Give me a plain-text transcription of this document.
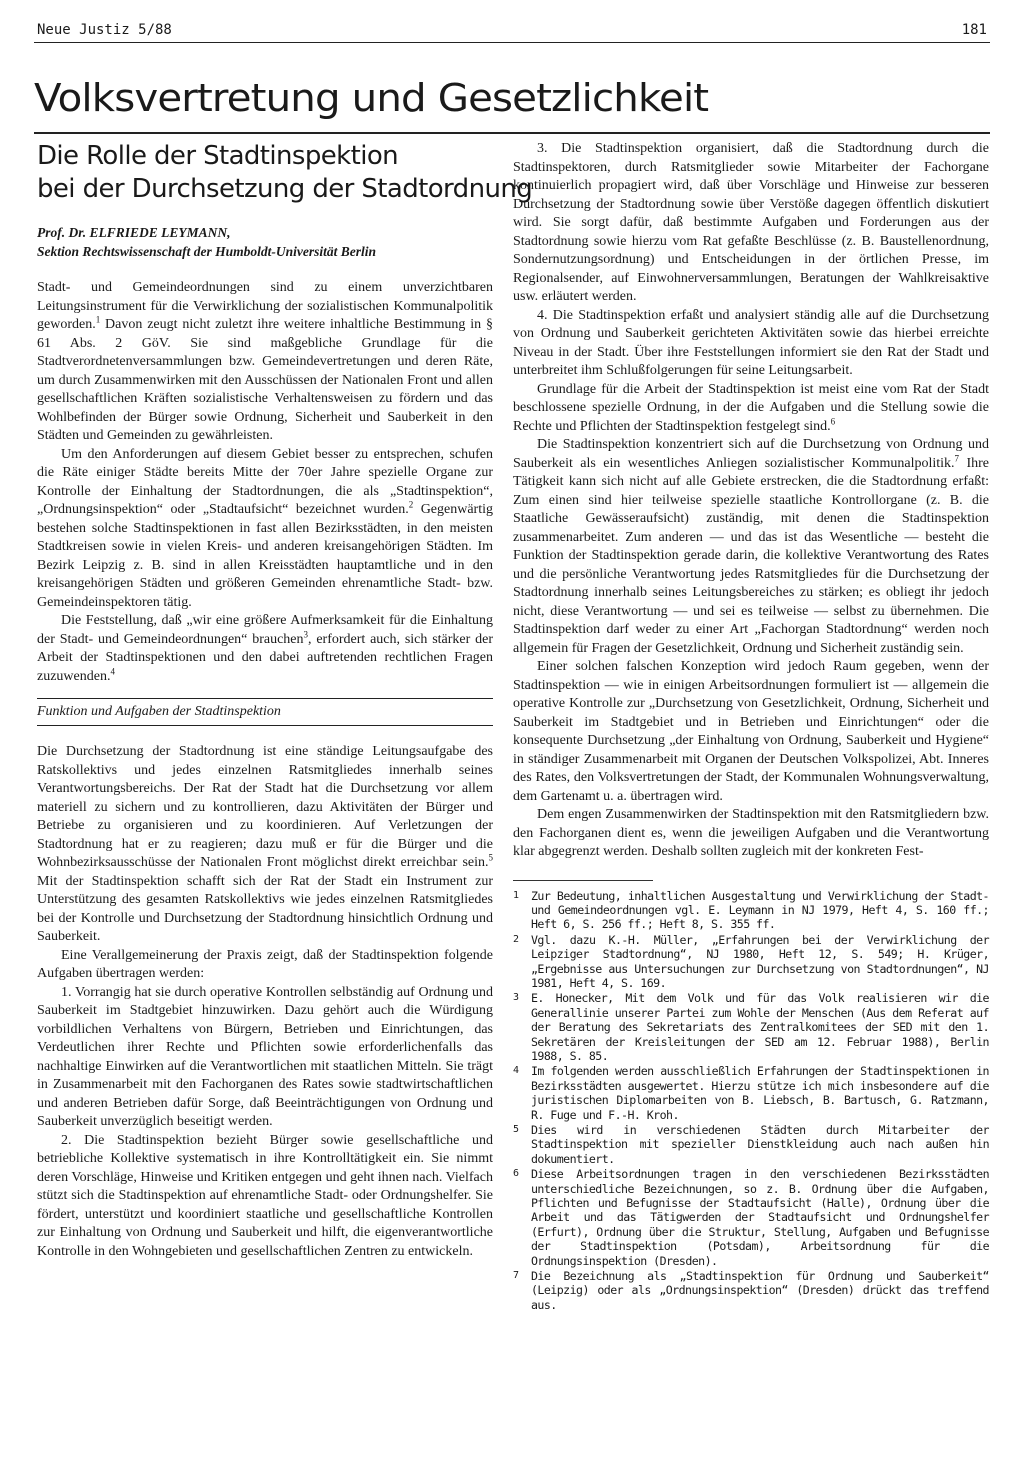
Neue Justiz 5/88	181
Volksvertretung und Gesetzlichkeit
Die Rolle der Stadtinspektion
bei der Durchsetzung der Stadtordnung
Prof. Dr. ELFRIEDE LEYMANN,
Sektion Rechtswissenschaft der Humboldt-Universität Berlin

Stadt- und Gemeindeordnungen sind zu einem unverzichtbaren Leitungsinstrument für die Verwirklichung der sozialistischen Kommunalpolitik geworden.$^1$ Davon zeugt nicht zuletzt ihre weitere inhaltliche Bestimmung in § 61 Abs. 2 GöV. Sie sind maßgebliche Grundlage für die Stadtverordnetenversammlungen bzw. Gemeindevertretungen und deren Räte, um durch Zusammenwirken mit den Ausschüssen der Nationalen Front und allen gesellschaftlichen Kräften sozialistische Verhaltensweisen zu fördern und das Wohlbefinden der Bürger sowie Ordnung, Sicherheit und Sauberkeit in den Städten und Gemeinden zu gewährleisten.

Um den Anforderungen auf diesem Gebiet besser zu entsprechen, schufen die Räte einiger Städte bereits Mitte der 70er Jahre spezielle Organe zur Kontrolle der Einhaltung der Stadtordnungen, die als „Stadtinspektion“, „Ordnungsinspektion“ oder „Stadtaufsicht“ bezeichnet wurden.$^2$ Gegenwärtig bestehen solche Stadtinspektionen in fast allen Bezirksstädten, in den meisten Stadtkreisen sowie in vielen Kreis- und anderen kreisangehörigen Städten. Im Bezirk Leipzig z. B. sind in allen Kreisstädten hauptamtliche und in den kreisangehörigen Städten und größeren Gemeinden ehrenamtliche Stadt- bzw. Gemeindeinspektoren tätig.

Die Feststellung, daß „wir eine größere Aufmerksamkeit für die Einhaltung der Stadt- und Gemeindeordnungen“ brauchen$^3$, erfordert auch, sich stärker der Arbeit der Stadtinspektionen und den dabei auftretenden rechtlichen Fragen zuzuwenden.$^4$

Funktion und Aufgaben der Stadtinspektion

Die Durchsetzung der Stadtordnung ist eine ständige Leitungsaufgabe des Ratskollektivs und jedes einzelnen Ratsmitgliedes innerhalb seines Verantwortungsbereichs. Der Rat der Stadt hat die Durchsetzung vor allem materiell zu sichern und zu kontrollieren, dazu Aktivitäten der Bürger und Betriebe zu organisieren und zu koordinieren. Auf Verletzungen der Stadtordnung hat er zu reagieren; dazu muß er für die Bürger und die Wohnbezirksausschüsse der Nationalen Front möglichst direkt erreichbar sein.$^5$ Mit der Stadtinspektion schafft sich der Rat der Stadt ein Instrument zur Unterstützung des gesamten Ratskollektivs wie jedes einzelnen Ratsmitgliedes bei der Kontrolle und Durchsetzung der Stadtordnung hinsichtlich Ordnung und Sauberkeit.

Eine Verallgemeinerung der Praxis zeigt, daß der Stadtinspektion folgende Aufgaben übertragen werden:

1. Vorrangig hat sie durch operative Kontrollen selbständig auf Ordnung und Sauberkeit im Stadtgebiet hinzuwirken. Dazu gehört auch die Würdigung vorbildlichen Verhaltens von Bürgern, Betrieben und Einrichtungen, das Verdeutlichen ihrer Rechte und Pflichten sowie erforderlichenfalls das nachhaltige Einwirken auf die Verantwortlichen mit staatlichen Mitteln. Sie trägt in Zusammenarbeit mit den Fachorganen des Rates sowie stadtwirtschaftlichen und anderen Betrieben dafür Sorge, daß Beeinträchtigungen von Ordnung und Sauberkeit unverzüglich beseitigt werden.

2. Die Stadtinspektion bezieht Bürger sowie gesellschaftliche und betriebliche Kollektive systematisch in ihre Kontrolltätigkeit ein. Sie nimmt deren Vorschläge, Hinweise und Kritiken entgegen und geht ihnen nach. Vielfach stützt sich die Stadtinspektion auf ehrenamtliche Stadt- oder Ordnungshelfer. Sie fördert, unterstützt und koordiniert staatliche und gesellschaftliche Kontrollen zur Einhaltung von Ordnung und Sauberkeit und hilft, die eigenverantwortliche Kontrolle in den Wohngebieten und gesellschaftlichen Zentren zu entwickeln.

3. Die Stadtinspektion organisiert, daß die Stadtordnung durch die Stadtinspektoren, durch Ratsmitglieder sowie Mitarbeiter der Fachorgane kontinuierlich propagiert wird, daß über Vorschläge und Hinweise zur besseren Durchsetzung der Stadtordnung sowie über Verstöße dagegen öffentlich diskutiert wird. Sie sorgt dafür, daß bestimmte Aufgaben und Forderungen aus der Stadtordnung sowie hierzu vom Rat gefaßte Beschlüsse (z. B. Baustellenordnung, Sondernutzungsordnung) und Entscheidungen in der örtlichen Presse, im Regionalsender, auf Einwohnerversammlungen, Beratungen der Wahlkreisaktive usw. erläutert werden.

4. Die Stadtinspektion erfaßt und analysiert ständig alle auf die Durchsetzung von Ordnung und Sauberkeit gerichteten Aktivitäten sowie das hierbei erreichte Niveau in der Stadt. Über ihre Feststellungen informiert sie den Rat der Stadt und unterbreitet ihm Schlußfolgerungen für seine Leitungsarbeit.

Grundlage für die Arbeit der Stadtinspektion ist meist eine vom Rat der Stadt beschlossene spezielle Ordnung, in der die Aufgaben und die Stellung sowie die Rechte und Pflichten der Stadtinspektion festgelegt sind.$^6$

Die Stadtinspektion konzentriert sich auf die Durchsetzung von Ordnung und Sauberkeit als ein wesentliches Anliegen sozialistischer Kommunalpolitik.$^7$ Ihre Tätigkeit kann sich nicht auf alle Gebiete erstrecken, die die Stadtordnung erfaßt: Zum einen sind hier teilweise spezielle staatliche Kontrollorgane (z. B. die Staatliche Gewässeraufsicht) zuständig, mit denen die Stadtinspektion zusammenarbeitet. Zum anderen — und das ist das Wesentliche — besteht die Funktion der Stadtinspektion gerade darin, die kollektive Verantwortung des Rates und die persönliche Verantwortung jedes Ratsmitgliedes für die Durchsetzung der Stadtordnung innerhalb seines Leitungsbereiches zu stärken; es obliegt ihr jedoch nicht, diese Verantwortung — und sei es teilweise — selbst zu übernehmen. Die Stadtinspektion darf weder zu einer Art „Fachorgan Stadtordnung“ werden noch allgemein für Fragen der Gesetzlichkeit, Ordnung und Sicherheit zuständig sein.

Einer solchen falschen Konzeption wird jedoch Raum gegeben, wenn der Stadtinspektion — wie in einigen Arbeitsordnungen formuliert ist — allgemein die operative Kontrolle zur „Durchsetzung von Gesetzlichkeit, Ordnung, Sicherheit und Sauberkeit im Stadtgebiet und in Betrieben und Einrichtungen“ oder die konsequente Durchsetzung „der Einhaltung von Ordnung, Sauberkeit und Hygiene“ in ständiger Zusammenarbeit mit Organen der Deutschen Volkspolizei, Abt. Inneres des Rates, den Volksvertretungen der Stadt, der Kommunalen Wohnungsverwaltung, dem Gartenamt u. a. übertragen wird.

Dem engen Zusammenwirken der Stadtinspektion mit den Ratsmitgliedern bzw. den Fachorganen dient es, wenn die jeweiligen Aufgaben und die Verantwortung klar abgegrenzt werden. Deshalb sollten zugleich mit der konkreten Fest-

1	Zur Bedeutung, inhaltlichen Ausgestaltung und Verwirklichung der Stadt- und Gemeindeordnungen vgl. E. Leymann in NJ 1979, Heft 4, S. 160 ff.; Heft 6, S. 256 ff.; Heft 8, S. 355 ff.
2	Vgl. dazu K.-H. Müller, „Erfahrungen bei der Verwirklichung der Leipziger Stadtordnung“, NJ 1980, Heft 12, S. 549; H. Krüger, „Ergebnisse aus Untersuchungen zur Durchsetzung von Stadtordnungen“, NJ 1981, Heft 4, S. 169.
3	E. Honecker, Mit dem Volk und für das Volk realisieren wir die Generallinie unserer Partei zum Wohle der Menschen (Aus dem Referat auf der Beratung des Sekretariats des Zentralkomitees der SED mit den 1. Sekretären der Kreisleitungen der SED am 12. Februar 1988), Berlin 1988, S. 85.
4	Im folgenden werden ausschließlich Erfahrungen der Stadtinspektionen in Bezirksstädten ausgewertet. Hierzu stütze ich mich insbesondere auf die juristischen Diplomarbeiten von B. Liebsch, B. Bartusch, G. Ratzmann, R. Fuge und F.-H. Kroh.
5	Dies wird in verschiedenen Städten durch Mitarbeiter der Stadtinspektion mit spezieller Dienstkleidung auch nach außen hin dokumentiert.
6	Diese Arbeitsordnungen tragen in den verschiedenen Bezirksstädten unterschiedliche Bezeichnungen, so z. B. Ordnung über die Aufgaben, Pflichten und Befugnisse der Stadtaufsicht (Halle), Ordnung über die Arbeit und das Tätigwerden der Stadtaufsicht und Ordnungshelfer (Erfurt), Ordnung über die Struktur, Stellung, Aufgaben und Befugnisse der Stadtinspektion (Potsdam), Arbeitsordnung für die Ordnungsinspektion (Dresden).
7	Die Bezeichnung als „Stadtinspektion für Ordnung und Sauberkeit“ (Leipzig) oder als „Ordnungsinspektion“ (Dresden) drückt das treffend aus.
